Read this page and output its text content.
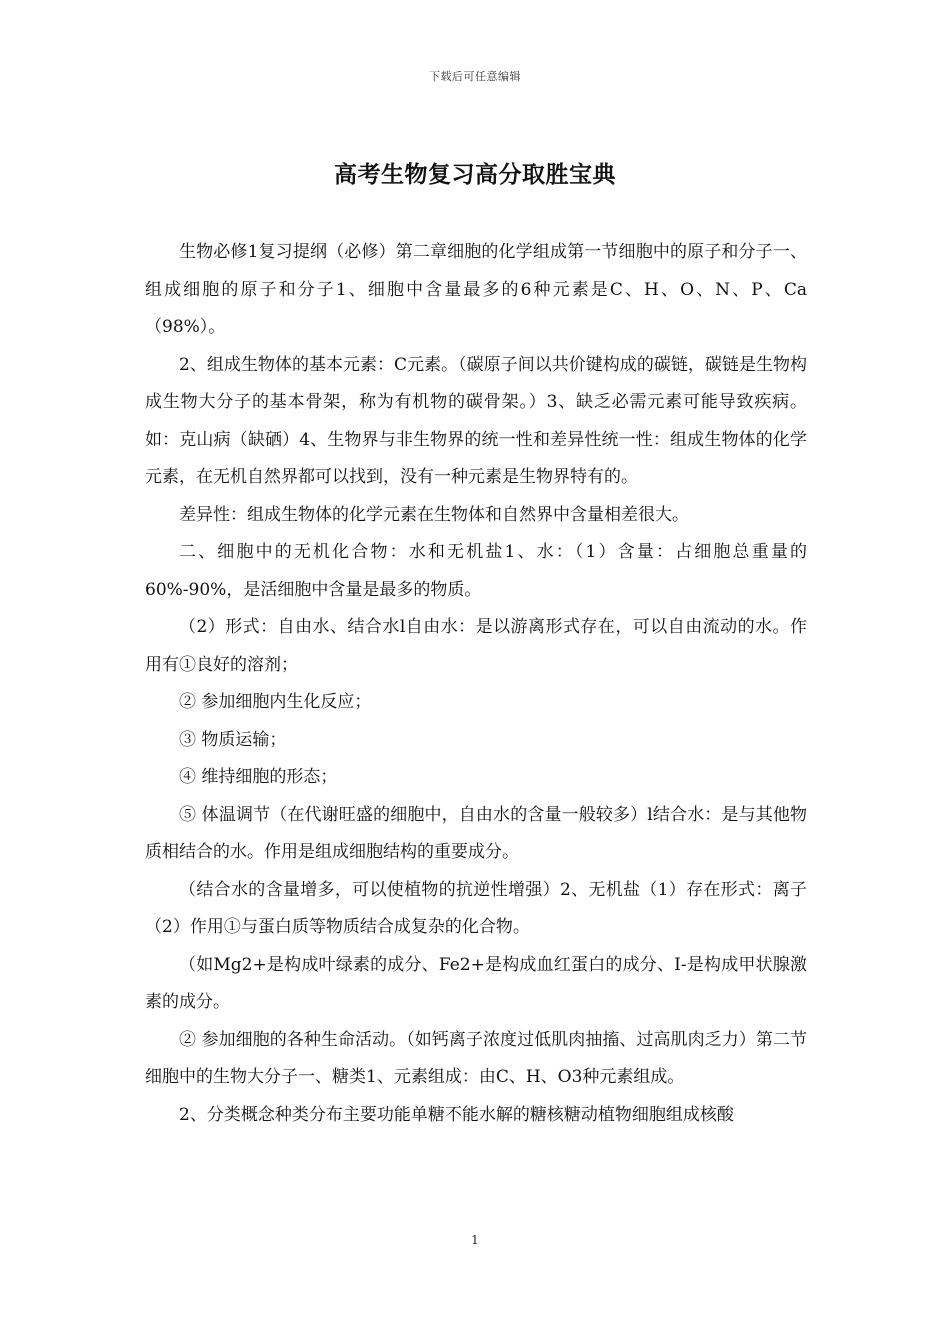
下载后可任意编辑
高考生物复习高分取胜宝典

生物必修1复习提纲（必修）第二章细胞的化学组成第一节细胞中的原子和分子一、组成细胞的原子和分子1、细胞中含量最多的6种元素是C、H、O、N、P、Ca（98%）。

2、组成生物体的基本元素：C元素。（碳原子间以共价键构成的碳链，碳链是生物构成生物大分子的基本骨架，称为有机物的碳骨架。）3、缺乏必需元素可能导致疾病。如：克山病（缺硒）4、生物界与非生物界的统一性和差异性统一性：组成生物体的化学元素，在无机自然界都可以找到，没有一种元素是生物界特有的。

差异性：组成生物体的化学元素在生物体和自然界中含量相差很大。

二、细胞中的无机化合物：水和无机盐1、水：（1）含量：占细胞总重量的60%-90%，是活细胞中含量是最多的物质。

（2）形式：自由水、结合水l自由水：是以游离形式存在，可以自由流动的水。作用有①良好的溶剂；

② 参加细胞内生化反应；

③ 物质运输；

④ 维持细胞的形态；

⑤ 体温调节（在代谢旺盛的细胞中，自由水的含量一般较多）l结合水：是与其他物质相结合的水。作用是组成细胞结构的重要成分。

（结合水的含量增多，可以使植物的抗逆性增强）2、无机盐（1）存在形式：离子（2）作用①与蛋白质等物质结合成复杂的化合物。

（如Mg2+是构成叶绿素的成分、Fe2+是构成血红蛋白的成分、I-是构成甲状腺激素的成分。

② 参加细胞的各种生命活动。（如钙离子浓度过低肌肉抽搐、过高肌肉乏力）第二节细胞中的生物大分子一、糖类1、元素组成：由C、H、O3种元素组成。

2、分类概念种类分布主要功能单糖不能水解的糖核糖动植物细胞组成核酸

1
